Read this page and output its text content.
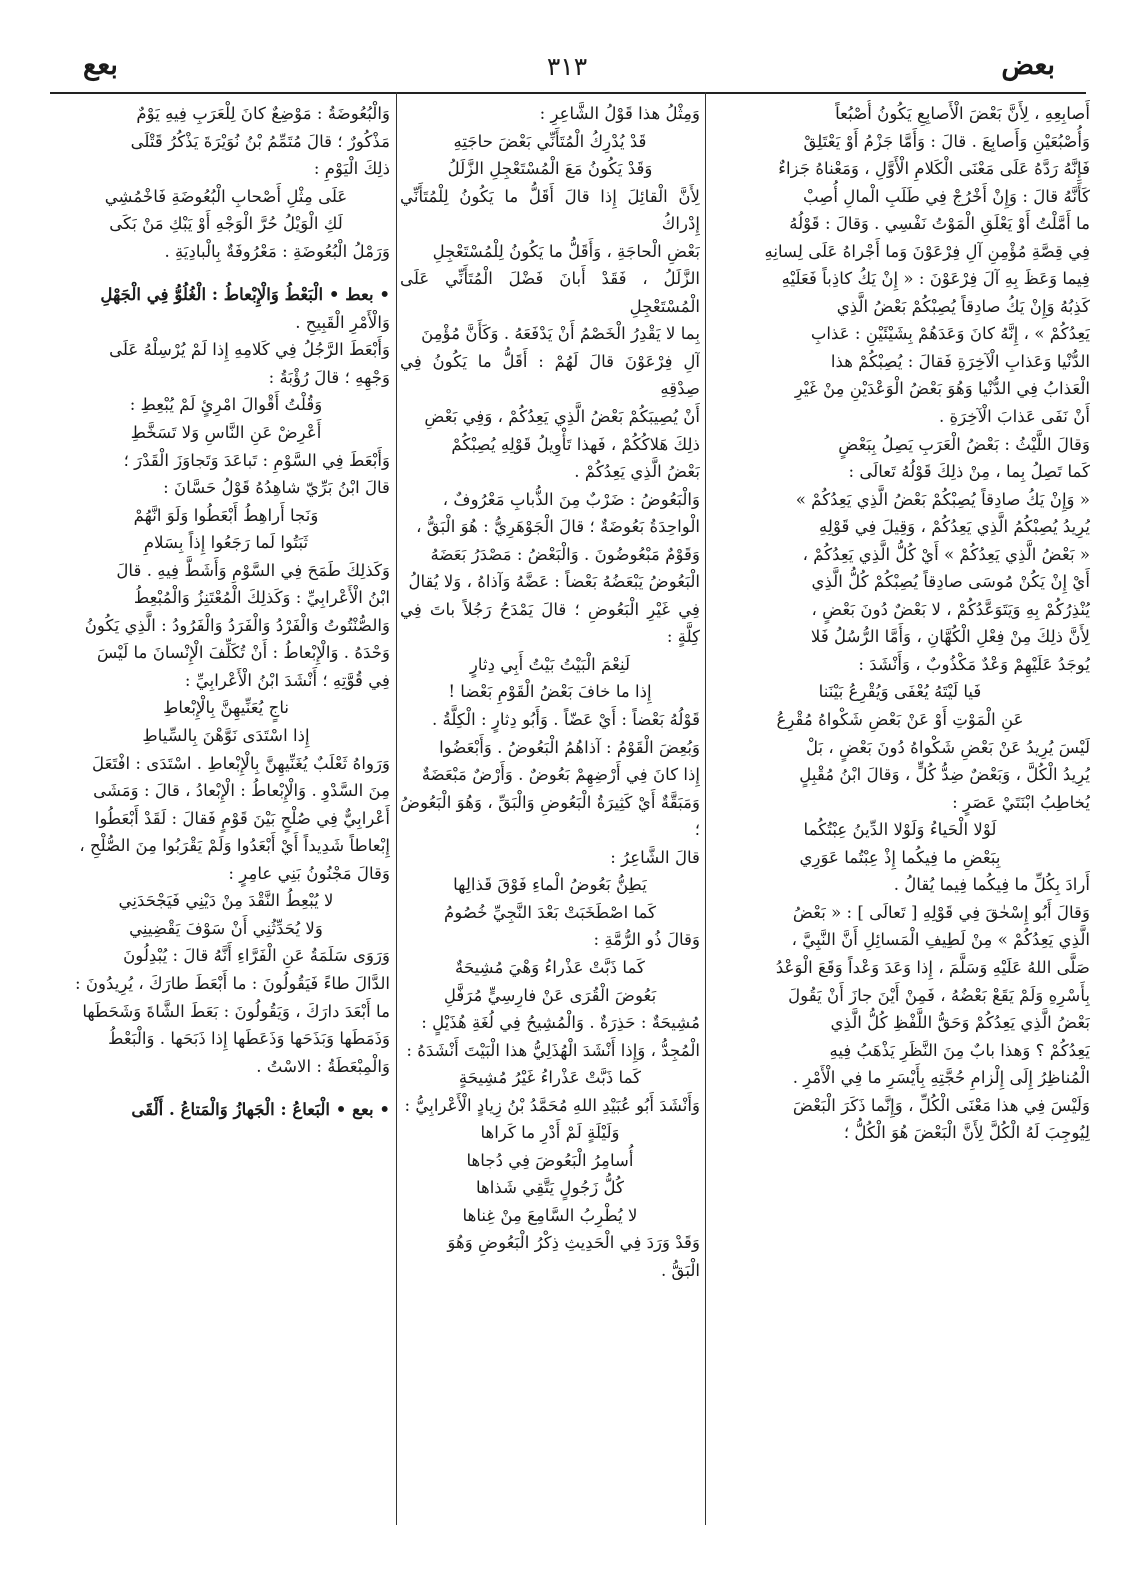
بعض
٣١٣
بعع
أَصابِعِهِ ، لِأَنَّ بَعْضَ الْأَصابِعِ يَكُونُ أُصْبُعاً
وَأُصْبُعَيْنِ وَأَصابِعَ . قالَ : وَأَمَّا جَزْمُ أَوْ يَعْتَلِقْ
فَإِنَّهُ رَدَّهُ عَلَى مَعْنَى الْكَلامِ الْأَوَّلِ ، وَمَعْناهُ جَزاءٌ
كَأَنَّهُ قالَ : وَإِنْ أَخْرُجْ فِي طَلَبِ الْمالِ أُصِبْ
ما أَمَّلْتُ أَوْ يَعْلَقِ الْمَوْتُ نَفْسِي . وَقالَ : قَوْلُهُ
فِي قِصَّةِ مُؤْمِنِ آلِ فِرْعَوْنَ وَما أَجْراهُ عَلَى لِسانِهِ
فِيما وَعَظَ بِهِ آلَ فِرْعَوْنَ : « إِنْ يَكُ كاذِباً فَعَلَيْهِ
كَذِبُهُ وَإِنْ يَكُ صادِقاً يُصِبْكُمْ بَعْضُ الَّذِي
يَعِدُكُمْ » ، إِنَّهُ كانَ وَعَدَهُمْ بِشَيْئَيْنِ : عَذابِ
الدُّنْيا وَعَذابِ الْآخِرَةِ فَقالَ : يُصِبْكُمْ هذا
الْعَذابُ فِي الدُّنْيا وَهُوَ بَعْضُ الْوَعْدَيْنِ مِنْ غَيْرِ
أَنْ نَفَى عَذابَ الْآخِرَةِ .
وَقالَ اللَّيْثُ : بَعْضُ الْعَرَبِ يَصِلُ بِبَعْضٍ
كَما تَصِلُ بِما ، مِنْ ذلِكَ قَوْلُهُ تَعالَى :
« وَإِنْ يَكُ صادِقاً يُصِبْكُمْ بَعْضُ الَّذِي يَعِدُكُمْ »
يُرِيدُ يُصِبْكُمُ الَّذِي يَعِدُكُمْ ، وَقِيلَ فِي قَوْلِهِ
« بَعْضُ الَّذِي يَعِدُكُمْ » أَيْ كُلُّ الَّذِي يَعِدُكُمْ ،
أَيْ إِنْ يَكُنْ مُوسَى صادِقاً يُصِبْكُمْ كُلُّ الَّذِي
يُنْذِرُكُمْ بِهِ وَيَتَوَعَّدُكُمْ ، لا بَعْضٌ دُونَ بَعْضٍ ،
لِأَنَّ ذلِكَ مِنْ فِعْلِ الْكُهَّانِ ، وَأَمَّا الرُّسُلُ فَلا
يُوجَدُ عَلَيْهِمْ وَعْدٌ مَكْذُوبٌ ، وَأَنْشَدَ :
فَيا لَيْتَهُ يُعْفَى وَيُقْرِعُ بَيْنَنا
عَنِ الْمَوْتِ أَوْ عَنْ بَعْضِ شَكْواهُ مُقْرِعُ
لَيْسَ يُرِيدُ عَنْ بَعْضِ شَكْواهُ دُونَ بَعْضٍ ، بَلْ
يُرِيدُ الْكُلَّ ، وَبَعْضٌ ضِدُّ كُلٍّ ، وَقالَ ابْنُ مُقْبِلٍ
يُخاطِبُ ابْنَتَيْ عَصَرٍ :
لَوْلا الْحَياءُ وَلَوْلا الدِّينُ عِبْتُكُما
بِبَعْضِ ما فِيكُما إِذْ عِبْتُما عَوَرِي
أَرادَ بِكُلِّ ما فِيكُما فِيما يُقالُ .
وَقالَ أَبُو إِسْحٰقَ فِي قَوْلِهِ [ تَعالَى ] : « بَعْضُ
الَّذِي يَعِدُكُمْ » مِنْ لَطِيفِ الْمَسائِلِ أَنَّ النَّبِيَّ ،
صَلَّى اللهُ عَلَيْهِ وَسَلَّمَ ، إِذا وَعَدَ وَعْداً وَقَعَ الْوَعْدُ
بِأَسْرِهِ وَلَمْ يَقَعْ بَعْضُهُ ، فَمِنْ أَيْنَ جازَ أَنْ يَقُولَ
بَعْضُ الَّذِي يَعِدُكُمْ وَحَقُّ اللَّفْظِ كُلُّ الَّذِي
يَعِدُكُمْ ؟ وَهذا بابٌ مِنَ النَّظَرِ يَذْهَبُ فِيهِ
الْمُناظِرُ إِلَى إِلْزامِ حُجَّتِهِ بِأَيْسَرِ ما فِي الْأَمْرِ .
وَلَيْسَ فِي هذا مَعْنَى الْكُلِّ ، وَإِنَّما ذَكَرَ الْبَعْضَ
لِيُوجِبَ لَهُ الْكُلَّ لِأَنَّ الْبَعْضَ هُوَ الْكُلُّ ؛
وَمِثْلُ هذا قَوْلُ الشَّاعِرِ :
قَدْ يُدْرِكُ الْمُتَأَنِّي بَعْضَ حاجَتِهِ
وَقَدْ يَكُونُ مَعَ الْمُسْتَعْجِلِ الزَّلَلُ
لِأَنَّ الْقائِلَ إِذا قالَ أَقَلُّ ما يَكُونُ لِلْمُتَأَنِّي إِدْراكُ
بَعْضِ الْحاجَةِ ، وَأَقَلُّ ما يَكُونُ لِلْمُسْتَعْجِلِ
الزَّلَلُ ، فَقَدْ أَبانَ فَضْلَ الْمُتَأَنِّي عَلَى الْمُسْتَعْجِلِ
بِما لا يَقْدِرُ الْخَصْمُ أَنْ يَدْفَعَهُ . وَكَأَنَّ مُؤْمِنَ
آلِ فِرْعَوْنَ قالَ لَهُمْ : أَقَلُّ ما يَكُونُ فِي صِدْقِهِ
أَنْ يُصِيبَكُمْ بَعْضُ الَّذِي يَعِدُكُمْ ، وَفِي بَعْضِ
ذلِكَ هَلاكُكُمْ ، فَهذا تَأْوِيلُ قَوْلِهِ يُصِبْكُمْ
بَعْضُ الَّذِي يَعِدُكُمْ .
وَالْبَعُوضُ : ضَرْبٌ مِنَ الذُّبابِ مَعْرُوفٌ ،
الْواحِدَةُ بَعُوضَةٌ ؛ قالَ الْجَوْهَرِيُّ : هُوَ الْبَقُّ ،
وَقَوْمٌ مَبْعُوضُونَ . وَالْبَعْضُ : مَصْدَرُ بَعَضَهُ
الْبَعُوضُ يَبْعَضُهُ بَعْضاً : عَضَّهُ وَآذاهُ ، وَلا يُقالُ
فِي غَيْرِ الْبَعُوضِ ؛ قالَ يَمْدَحُ رَجُلاً باتَ فِي كِلَّةٍ :
لَنِعْمَ الْبَيْتُ بَيْتُ أَبِي دِثارٍ
إِذا ما خافَ بَعْضُ الْقَوْمِ بَعْضا !
قَوْلُهُ بَعْضاً : أَيْ عَضّاً . وَأَبُو دِثارٍ : الْكِلَّةُ .
وَبُعِضَ الْقَوْمُ : آذاهُمُ الْبَعُوضُ . وَأَبْعَضُوا
إِذا كانَ فِي أَرْضِهِمْ بَعُوضٌ . وَأَرْضٌ مَبْعَضَةٌ
وَمَبَقَّةٌ أَيْ كَثِيرَةُ الْبَعُوضِ وَالْبَقِّ ، وَهُوَ الْبَعُوضُ ؛
قالَ الشَّاعِرُ :
يَطِنُّ بَعُوضُ الْماءِ فَوْقَ قَذالِها
كَما اصْطَخَبَتْ بَعْدَ النَّجِيِّ خُصُومُ
وَقالَ ذُو الرُّمَّةِ :
كَما ذَبَّتْ عَذْراءُ وَهْيَ مُشِيحَةٌ
بَعُوضَ الْقُرَى عَنْ فارِسِيٍّ مُرَفَّلِ
مُشِيحَةٌ : حَذِرَةٌ . وَالْمُشِيحُ فِي لُغَةِ هُذَيْلٍ :
الْمُجِدُّ ، وَإِذا أَنْشَدَ الْهُذَلِيُّ هذا الْبَيْتَ أَنْشَدَهُ :
كَما ذَبَّتْ عَذْراءُ غَيْرُ مُشِيحَةٍ
وَأَنْشَدَ أَبُو عُبَيْدِ اللهِ مُحَمَّدُ بْنُ زِيادٍ الْأَعْرابِيُّ :
وَلَيْلَةٍ لَمْ أَدْرِ ما كَراها
أُسامِرُ الْبَعُوضَ فِي دُجاها
كُلُّ زَجُولٍ يَتَّقِي شَذاها
لا يُطْرِبُ السَّامِعَ مِنْ غِناها
وَقَدْ وَرَدَ فِي الْحَدِيثِ ذِكْرُ الْبَعُوضِ وَهُوَ
الْبَقُّ .
وَالْبُعُوضَةُ : مَوْضِعٌ كانَ لِلْعَرَبِ فِيهِ يَوْمٌ
مَذْكُورٌ ؛ قالَ مُتَمِّمُ بْنُ نُوَيْرَةَ يَذْكُرُ قَتْلَى
ذلِكَ الْيَوْمِ :
عَلَى مِثْلِ أَصْحابِ الْبُعُوضَةِ فَاخْمُشِي
لَكِ الْوَيْلُ حُرَّ الْوَجْهِ أَوْ يَبْكِ مَنْ بَكَى
وَرَمْلُ الْبُعُوضَةِ : مَعْرُوفَةٌ بِالْبادِيَةِ .
• بعط • الْبَعْطُ وَالْإِبْعاطُ : الْغُلُوُّ فِي الْجَهْلِ
وَالْأَمْرِ الْقَبِيحِ .
وَأَبْعَطَ الرَّجُلُ فِي كَلامِهِ إِذا لَمْ يُرْسِلْهُ عَلَى
وَجْهِهِ ؛ قالَ رُؤْبَةُ :
وَقُلْتُ أَقْوالَ امْرِئٍ لَمْ يُبْعِطِ :
أَعْرِضْ عَنِ النَّاسِ وَلا تَسَخَّطِ
وَأَبْعَطَ فِي السَّوْمِ : تَباعَدَ وَتَجاوَزَ الْقَدْرَ ؛
قالَ ابْنُ بَرِّيّ شاهِدُهُ قَوْلُ حَسَّانَ :
وَنَجا أَراهِطُ أَبْعَطُوا وَلَوَ انَّهُمْ
ثَبَتُوا لَما رَجَعُوا إِذاً بِسَلامِ
وَكَذلِكَ طَمَحَ فِي السَّوْمِ وَأَشَطَّ فِيهِ . قالَ
ابْنُ الْأَعْرابِيِّ : وَكَذلِكَ الْمُعْتَنِزُ وَالْمُبْعِطُ
وَالصُّنْتُوتُ وَالْفَرْدُ وَالْفَرَدُ وَالْفَرُودُ : الَّذِي يَكُونُ
وَحْدَهُ . وَالْإِبْعاطُ : أَنْ تُكَلِّفَ الْإِنْسانَ ما لَيْسَ
فِي قُوَّتِهِ ؛ أَنْشَدَ ابْنُ الْأَعْرابِيِّ :
ناجٍ يُعَنِّيهِنَّ بِالْإِبْعاطِ
إِذا اسْتَدَى نَوَّهْنَ بِالسِّياطِ
وَرَواهُ ثَعْلَبٌ يُغَنِّيهِنَّ بِالْإِبْعاطِ . اسْتَدَى : افْتَعَلَ
مِنَ السَّدْوِ . وَالْإِبْعاطُ : الْإِبْعادُ ، قالَ : وَمَشَى
أَعْرابِيٌّ فِي صُلْحٍ بَيْنَ قَوْمٍ فَقالَ : لَقَدْ أَبْعَطُوا
إِبْعاطاً شَدِيداً أَيْ أَبْعَدُوا وَلَمْ يَقْرَبُوا مِنَ الصُّلْحِ ،
وَقالَ مَجْنُونُ بَنِي عامِرٍ :
لا يُبْعِطُ النَّقْدَ مِنْ دَيْنِي فَيَجْحَدَنِي
وَلا يُحَدِّثُنِي أَنْ سَوْفَ يَقْضِينِي
وَرَوَى سَلَمَةُ عَنِ الْفَرَّاءِ أَنَّهُ قالَ : يُبْدِلُونَ
الدَّالَ طاءً فَيَقُولُونَ : ما أَبْعَطَ طارَكَ ، يُرِيدُونَ :
ما أَبْعَدَ دارَكَ ، وَيَقُولُونَ : بَعَطَ الشَّاةَ وَشَحَطَها
وَذَمَطَها وَبَذَحَها وَذَعَطَها إِذا ذَبَحَها . وَالْبَعْطُ
وَالْمِبْعَطَةُ : الاسْتُ .
• بعع • الْبَعاعُ : الْجَهازُ وَالْمَتاعُ . أَلْقَى
